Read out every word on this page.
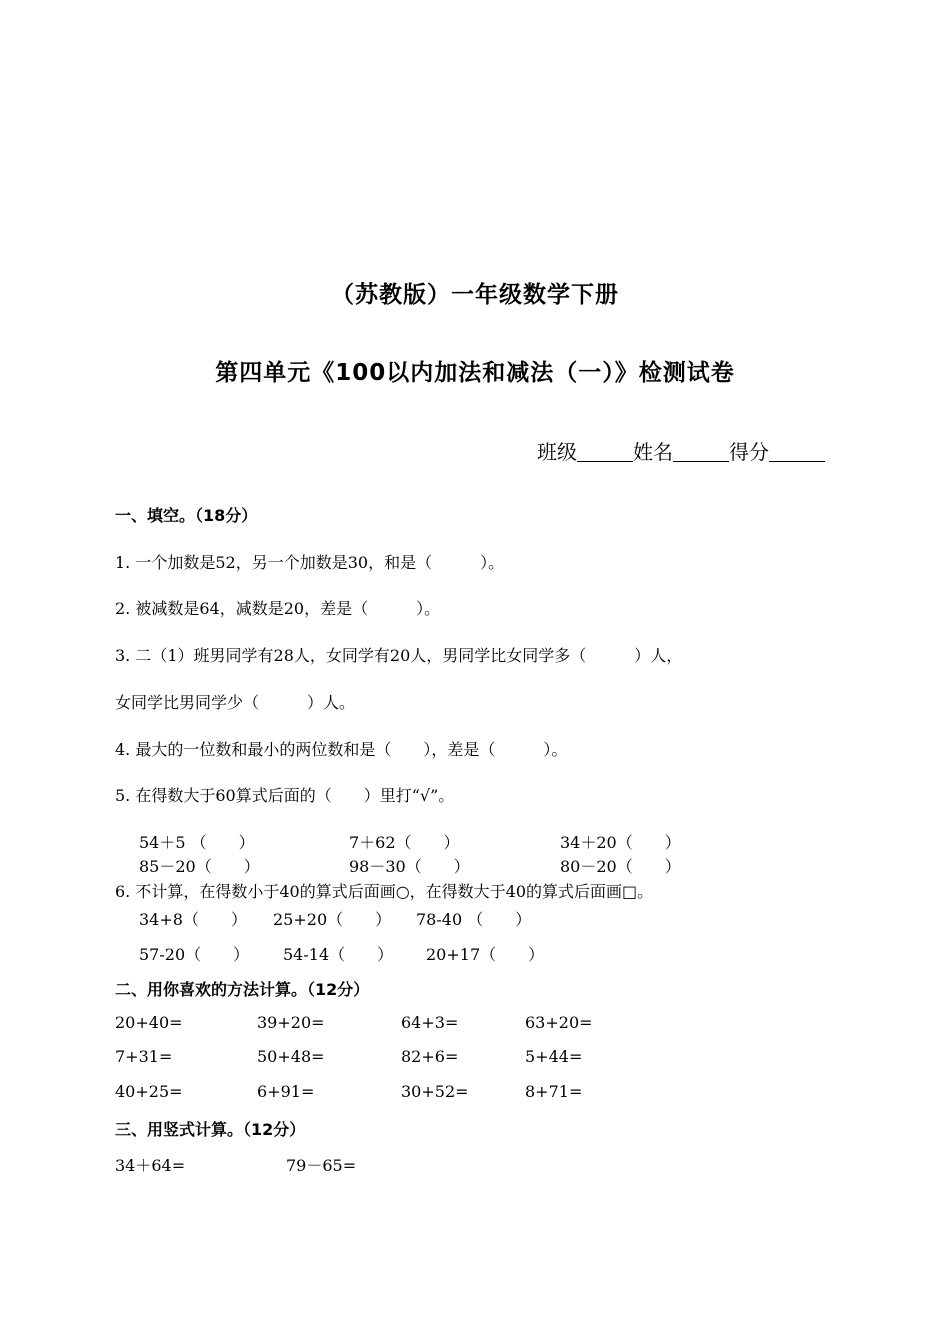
（苏教版）一年级数学下册
第四单元《100以内加法和减法（一）》检测试卷
班级	姓名	得分
一、填空。（18分）
1. 一个加数是52，另一个加数是30，和是（　　　）。
2. 被减数是64，减数是20，差是（　　　）。
3. 二（1）班男同学有28人，女同学有20人，男同学比女同学多（　　　）人，
女同学比男同学少（　　　）人。
4. 最大的一位数和最小的两位数和是（　　），差是（　　　）。
5. 在得数大于60算式后面的（　　）里打“√”。
54＋5 （　　）	7＋62（　　）	34＋20（　　）
85－20（　　）	98－30（　　）	80－20（　　）
6. 不计算，在得数小于40的算式后面画○，在得数大于40的算式后面画□。
34+8（　　） 25+20（　　） 78-40 （　　）
57-20（　　） 54-14（　　） 20+17（　　）
二、用你喜欢的方法计算。（12分）
20+40=	39+20=	64+3=	63+20=
7+31=	50+48=	82+6=	5+44=
40+25=	6+91=	30+52=	8+71=
三、用竖式计算。（12分）
34＋64=	79－65=
